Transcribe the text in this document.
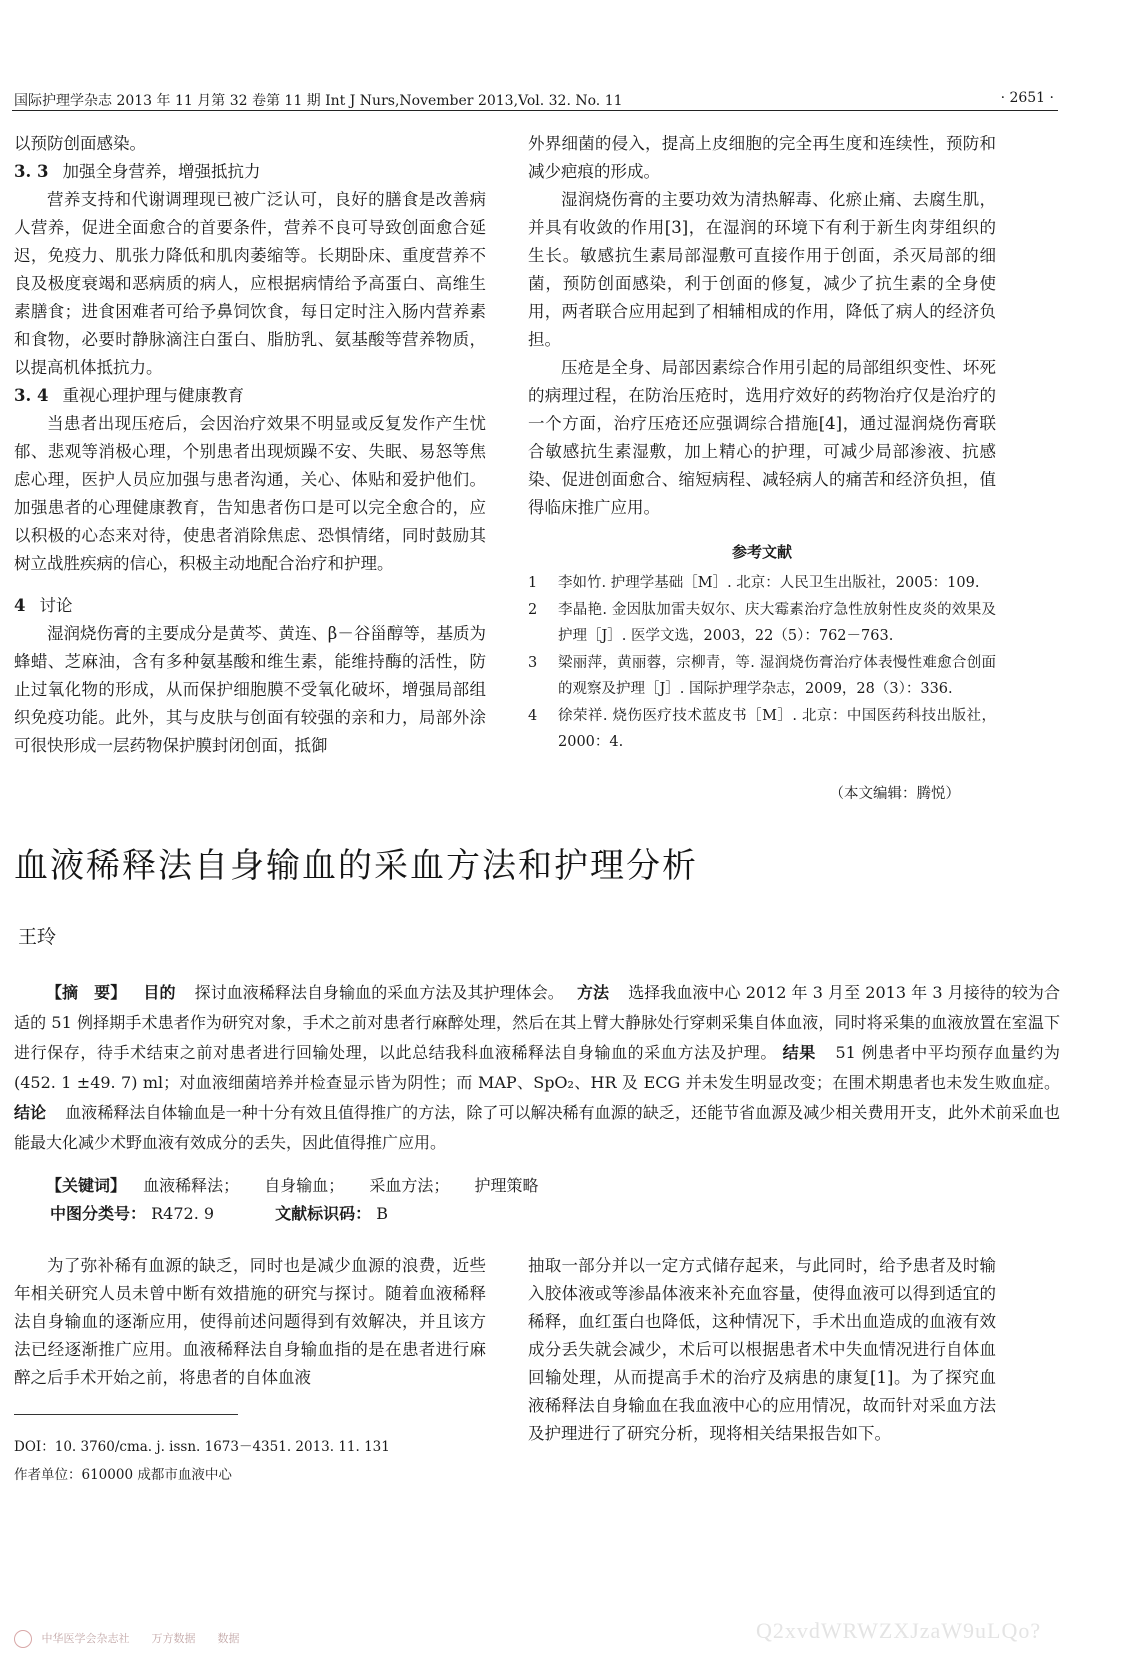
国际护理学杂志 2013 年 11 月第 32 卷第 11 期 Int J Nurs,November 2013,Vol. 32. No. 11	· 2651 ·

以预防创面感染。

3. 3 加强全身营养，增强抵抗力

营养支持和代谢调理现已被广泛认可，良好的膳食是改善病人营养，促进全面愈合的首要条件，营养不良可导致创面愈合延迟，免疫力、肌张力降低和肌肉萎缩等。长期卧床、重度营养不良及极度衰竭和恶病质的病人，应根据病情给予高蛋白、高维生素膳食；进食困难者可给予鼻饲饮食，每日定时注入肠内营养素和食物，必要时静脉滴注白蛋白、脂肪乳、氨基酸等营养物质，以提高机体抵抗力。

3. 4 重视心理护理与健康教育

当患者出现压疮后，会因治疗效果不明显或反复发作产生忧郁、悲观等消极心理，个别患者出现烦躁不安、失眠、易怒等焦虑心理，医护人员应加强与患者沟通，关心、体贴和爱护他们。加强患者的心理健康教育，告知患者伤口是可以完全愈合的，应以积极的心态来对待，使患者消除焦虑、恐惧情绪，同时鼓励其树立战胜疾病的信心，积极主动地配合治疗和护理。

4 讨论

湿润烧伤膏的主要成分是黄芩、黄连、β－谷甾醇等，基质为蜂蜡、芝麻油，含有多种氨基酸和维生素，能维持酶的活性，防止过氧化物的形成，从而保护细胞膜不受氧化破坏，增强局部组织免疫功能。此外，其与皮肤与创面有较强的亲和力，局部外涂可很快形成一层药物保护膜封闭创面，抵御

外界细菌的侵入，提高上皮细胞的完全再生度和连续性，预防和减少疤痕的形成。

湿润烧伤膏的主要功效为清热解毒、化瘀止痛、去腐生肌，并具有收敛的作用[3]，在湿润的环境下有利于新生肉芽组织的生长。敏感抗生素局部湿敷可直接作用于创面，杀灭局部的细菌，预防创面感染，利于创面的修复，减少了抗生素的全身使用，两者联合应用起到了相辅相成的作用，降低了病人的经济负担。

压疮是全身、局部因素综合作用引起的局部组织变性、坏死的病理过程，在防治压疮时，选用疗效好的药物治疗仅是治疗的一个方面，治疗压疮还应强调综合措施[4]，通过湿润烧伤膏联合敏感抗生素湿敷，加上精心的护理，可减少局部渗液、抗感染、促进创面愈合、缩短病程、减轻病人的痛苦和经济负担，值得临床推广应用。

参考文献
1	李如竹. 护理学基础［M］. 北京：人民卫生出版社，2005：109.
2	李晶艳. 金因肽加雷夫奴尔、庆大霉素治疗急性放射性皮炎的效果及护理［J］. 医学文选，2003，22（5）：762－763.
3	梁丽萍，黄丽蓉，宗柳青，等. 湿润烧伤膏治疗体表慢性难愈合创面的观察及护理［J］. 国际护理学杂志，2009，28（3）：336.
4	徐荣祥. 烧伤医疗技术蓝皮书［M］. 北京：中国医药科技出版社，2000：4.
（本文编辑：腾悦）
血液稀释法自身输血的采血方法和护理分析
王玲

【摘　要】 目的 探讨血液稀释法自身输血的采血方法及其护理体会。 方法 选择我血液中心 2012 年 3 月至 2013 年 3 月接待的较为合适的 51 例择期手术患者作为研究对象，手术之前对患者行麻醉处理，然后在其上臂大静脉处行穿刺采集自体血液，同时将采集的血液放置在室温下进行保存，待手术结束之前对患者进行回输处理，以此总结我科血液稀释法自身输血的采血方法及护理。 结果 51 例患者中平均预存血量约为(452. 1 ±49. 7) ml；对血液细菌培养并检查显示皆为阴性；而 MAP、SpO₂、HR 及 ECG 并未发生明显改变；在围术期患者也未发生败血症。 结论 血液稀释法自体输血是一种十分有效且值得推广的方法，除了可以解决稀有血源的缺乏，还能节省血源及减少相关费用开支，此外术前采血也能最大化减少术野血液有效成分的丢失，因此值得推广应用。

【关键词】 血液稀释法； 自身输血； 采血方法； 护理策略
中图分类号： R472. 9	文献标识码： B

为了弥补稀有血源的缺乏，同时也是减少血源的浪费，近些年相关研究人员未曾中断有效措施的研究与探讨。随着血液稀释法自身输血的逐渐应用，使得前述问题得到有效解决，并且该方法已经逐渐推广应用。血液稀释法自身输血指的是在患者进行麻醉之后手术开始之前，将患者的自体血液

抽取一部分并以一定方式储存起来，与此同时，给予患者及时输入胶体液或等渗晶体液来补充血容量，使得血液可以得到适宜的稀释，血红蛋白也降低，这种情况下，手术出血造成的血液有效成分丢失就会减少，术后可以根据患者术中失血情况进行自体血回输处理，从而提高手术的治疗及病患的康复[1]。为了探究血液稀释法自身输血在我血液中心的应用情况，故而针对采血方法及护理进行了研究分析，现将相关结果报告如下。

DOI：10. 3760/cma. j. issn. 1673－4351. 2013. 11. 131
作者单位：610000 成都市血液中心
中华医学会杂志社　　万方数据　　数据	Q2xvdWRWZXJzaW9uLQo?
